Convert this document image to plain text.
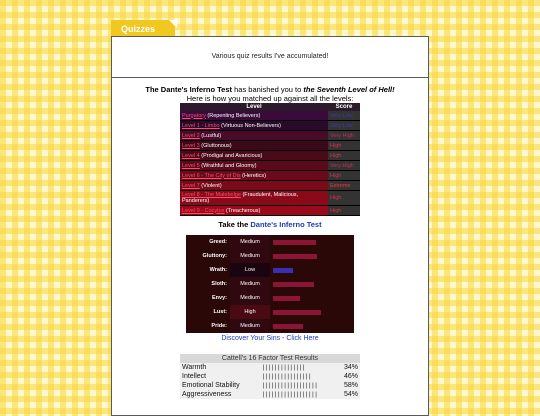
Quizzes
Various quiz results I've accumulated!
The Dante's Inferno Test has banished you to the Seventh Level of Hell!
Here is how you matched up against all the levels:
Level	Score
Purgatory (Repenting Believers)	Very Low
Level 1 - Limbo (Virtuous Non-Believers)	Very Low
Level 2 (Lustful)	Very High
Level 3 (Gluttonous)	High
Level 4 (Prodigal and Avaricious)	High
Level 5 (Wrathful and Gloomy)	Very High
Level 6 - The City of Dis (Heretics)	High
Level 7 (Violent)	Extreme
Level 8 - The Malebolge (Fraudulent, Malicious, Panderers)	High
Level 9 - Cocytus (Treacherous)	High
Take the Dante's Inferno Test
Greed:	Medium	

Gluttony:	Medium	

Wrath:	Low	

Sloth:	Medium	

Envy:	Medium	

Lust:	High	

Pride:	Medium	
Discover Your Sins - Click Here
Cattell's 16 Factor Test Results		
Warmth	||||||||||||||	34%
Intellect	||||||||||||||||	46%
Emotional Stability	||||||||||||||||||	58%
Aggressiveness	||||||||||||||||||	54%
